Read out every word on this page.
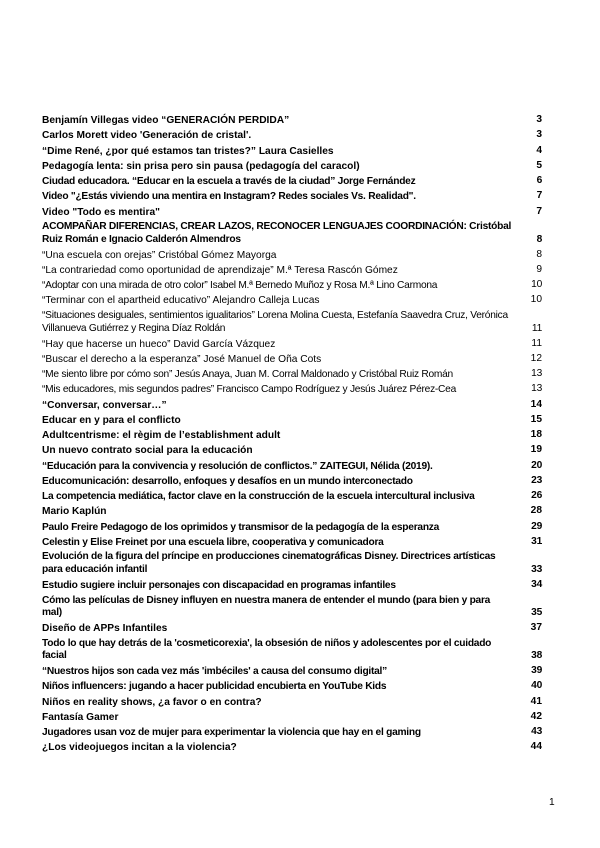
Benjamín Villegas video “GENERACIÓN PERDIDA”	3
Carlos Morett video 'Generación de cristal'.	3
“Dime René, ¿por qué estamos tan tristes?” Laura Casielles	4
Pedagogía lenta: sin prisa pero sin pausa (pedagogía del caracol)	5
Ciudad educadora. “Educar en la escuela a través de la ciudad” Jorge Fernández	6
Video "¿Estás viviendo una mentira en Instagram? Redes sociales Vs. Realidad".	7
Video "Todo es mentira"	7
ACOMPAÑAR DIFERENCIAS, CREAR LAZOS, RECONOCER LENGUAJES COORDINACIÓN: Cristóbal Ruiz Román e Ignacio Calderón Almendros	8
“Una escuela con orejas” Cristóbal Gómez Mayorga	8
“La contrariedad como oportunidad de aprendizaje” M.ª Teresa Rascón Gómez	9
“Adoptar con una mirada de otro color” Isabel M.ª Bernedo Muñoz y Rosa M.ª Lino Carmona	10
“Terminar con el apartheid educativo” Alejandro Calleja Lucas	10
“Situaciones desiguales, sentimientos igualitarios” Lorena Molina Cuesta, Estefanía Saavedra Cruz, Verónica Villanueva Gutiérrez y Regina Díaz Roldán	11
“Hay que hacerse un hueco” David García Vázquez	11
“Buscar el derecho a la esperanza” José Manuel de Oña Cots	12
“Me siento libre por cómo son” Jesús Anaya, Juan M. Corral Maldonado y Cristóbal Ruiz Román	13
“Mis educadores, mis segundos padres” Francisco Campo Rodríguez y Jesús Juárez Pérez-Cea	13
“Conversar, conversar…”	14
Educar en y para el conflicto	15
Adultcentrisme: el règim de l’establishment adult	18
Un nuevo contrato social para la educación	19
“Educación para la convivencia y resolución de conflictos.” ZAITEGUI, Nélida (2019).	20
Educomunicación: desarrollo, enfoques y desafíos en un mundo interconectado	23
La competencia mediática, factor clave en la construcción de la escuela intercultural inclusiva	26
Mario Kaplún	28
Paulo Freire Pedagogo de los oprimidos y transmisor de la pedagogía de la esperanza	29
Celestin y Elise Freinet por una escuela libre, cooperativa y comunicadora	31
Evolución de la figura del príncipe en producciones cinematográficas Disney. Directrices artísticas para educación infantil	33
Estudio sugiere incluir personajes con discapacidad en programas infantiles	34
Cómo las películas de Disney influyen en nuestra manera de entender el mundo (para bien y para mal)	35
Diseño de APPs Infantiles	37
Todo lo que hay detrás de la 'cosmeticorexia', la obsesión de niños y adolescentes por el cuidado facial	38
“Nuestros hijos son cada vez más 'imbéciles' a causa del consumo digital”	39
Niños influencers: jugando a hacer publicidad encubierta en YouTube Kids	40
Niños en reality shows, ¿a favor o en contra?	41
Fantasía Gamer	42
Jugadores usan voz de mujer para experimentar la violencia que hay en el gaming	43
¿Los videojuegos incitan a la violencia?	44
1
